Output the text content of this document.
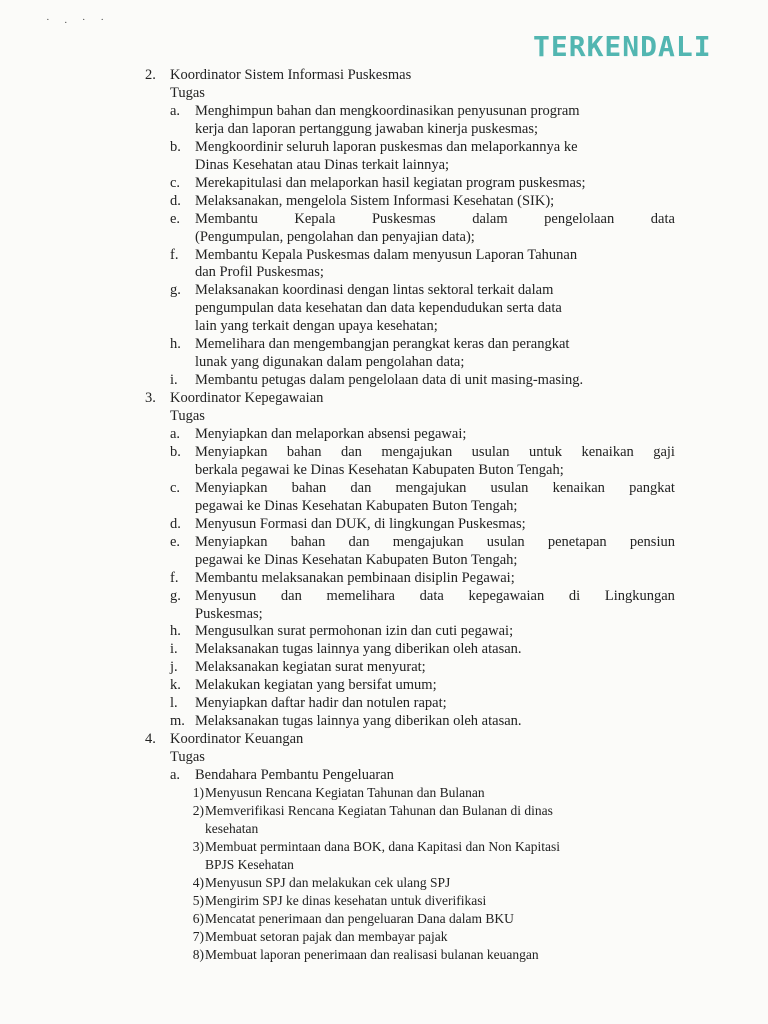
· . · ·
TERKENDALI
2. Koordinator Sistem Informasi Puskesmas
Tugas
a.	Menghimpun bahan dan mengkoordinasikan penyusunan program
kerja dan laporan pertanggung jawaban kinerja puskesmas;
b. Mengkoordinir seluruh laporan puskesmas dan melaporkannya ke
Dinas Kesehatan atau Dinas terkait lainnya;
c.	Merekapitulasi dan melaporkan hasil kegiatan program puskesmas;
d. Melaksanakan, mengelola Sistem Informasi Kesehatan (SIK);
e.	Membantu	Kepala	Puskesmas	dalam	pengelolaan	data
(Pengumpulan, pengolahan dan penyajian data);
f.	Membantu Kepala Puskesmas dalam menyusun Laporan Tahunan
dan Profil Puskesmas;
g. Melaksanakan koordinasi dengan lintas sektoral terkait dalam
pengumpulan data kesehatan dan data kependudukan serta data
lain yang terkait dengan upaya kesehatan;
h. Memelihara dan mengembangjan perangkat keras dan perangkat
lunak yang digunakan dalam pengolahan data;
i.	Membantu petugas dalam pengelolaan data di unit masing-masing.
3. Koordinator Kepegawaian
Tugas
a.	Menyiapkan dan melaporkan absensi pegawai;
b. Menyiapkan bahan dan mengajukan usulan untuk kenaikan gaji
berkala pegawai ke Dinas Kesehatan Kabupaten Buton Tengah;
c.	Menyiapkan bahan dan mengajukan usulan kenaikan pangkat
pegawai ke Dinas Kesehatan Kabupaten Buton Tengah;
d. Menyusun Formasi dan DUK, di lingkungan Puskesmas;
e.	Menyiapkan bahan dan mengajukan usulan penetapan pensiun
pegawai ke Dinas Kesehatan Kabupaten Buton Tengah;
f.	Membantu melaksanakan pembinaan disiplin Pegawai;
g. Menyusun dan memelihara data kepegawaian di Lingkungan
Puskesmas;
h. Mengusulkan surat permohonan izin dan cuti pegawai;
i.	Melaksanakan tugas lainnya yang diberikan oleh atasan.
j.	Melaksanakan kegiatan surat menyurat;
k. Melakukan kegiatan yang bersifat umum;
l.	Menyiapkan daftar hadir dan notulen rapat;
m. Melaksanakan tugas lainnya yang diberikan oleh atasan.
4. Koordinator Keuangan
Tugas
a.	Bendahara Pembantu Pengeluaran
1) Menyusun Rencana Kegiatan Tahunan dan Bulanan
2) Memverifikasi Rencana Kegiatan Tahunan dan Bulanan di dinas
kesehatan
3) Membuat permintaan dana BOK, dana Kapitasi dan Non Kapitasi
BPJS Kesehatan
4) Menyusun SPJ dan melakukan cek ulang SPJ
5) Mengirim SPJ ke dinas kesehatan untuk diverifikasi
6) Mencatat penerimaan dan pengeluaran Dana dalam BKU
7) Membuat setoran pajak dan membayar pajak
8) Membuat laporan penerimaan dan realisasi bulanan keuangan
